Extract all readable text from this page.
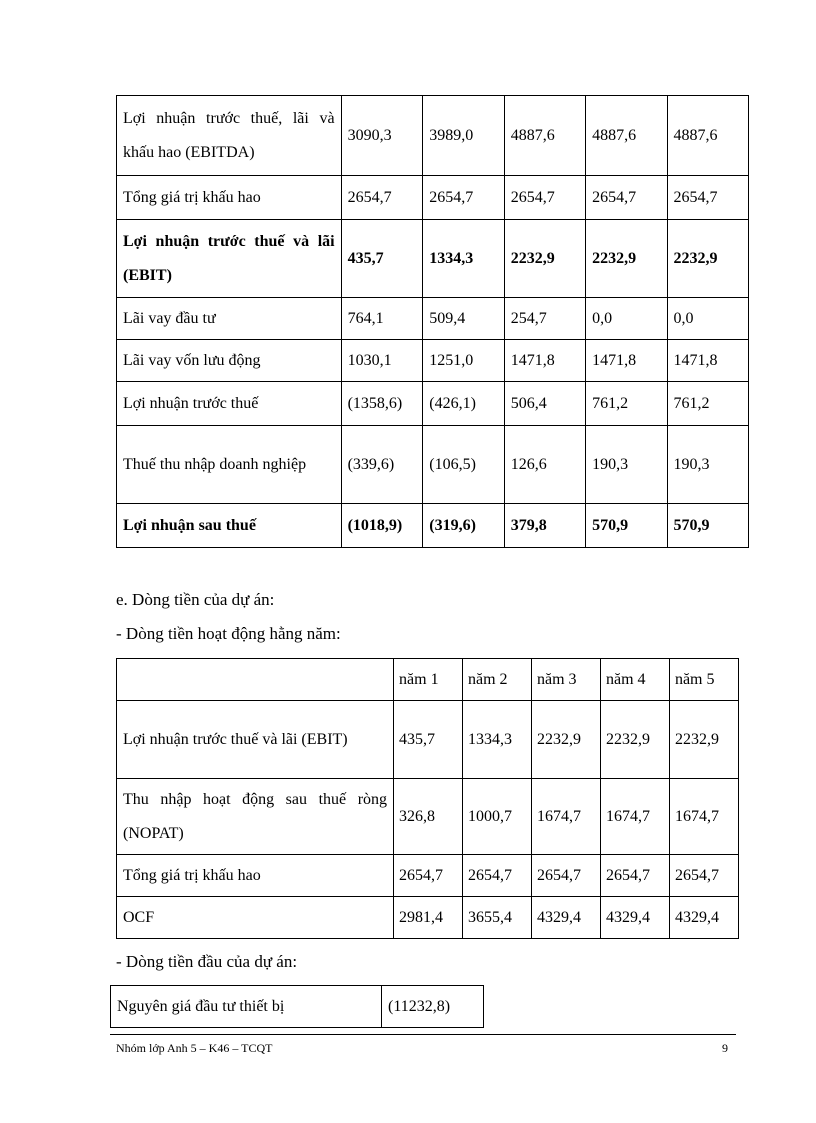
Lợi nhuận trước thuế, lãi và khấu hao (EBITDA)	3090,3	3989,0	4887,6	4887,6	4887,6
Tổng giá trị khấu hao	2654,7	2654,7	2654,7	2654,7	2654,7
Lợi nhuận trước thuế và lãi (EBIT)	435,7	1334,3	2232,9	2232,9	2232,9
Lãi vay đầu tư	764,1	509,4	254,7	0,0	0,0
Lãi vay vốn lưu động	1030,1	1251,0	1471,8	1471,8	1471,8
Lợi nhuận trước thuế	(1358,6)	(426,1)	506,4	761,2	761,2
Thuế thu nhập doanh nghiệp	(339,6)	(106,5)	126,6	190,3	190,3
Lợi nhuận sau thuế	(1018,9)	(319,6)	379,8	570,9	570,9

e. Dòng tiền của dự án:

- Dòng tiền hoạt động hằng năm:

	năm 1	năm 2	năm 3	năm 4	năm 5
Lợi nhuận trước thuế và lãi (EBIT)	435,7	1334,3	2232,9	2232,9	2232,9
Thu nhập hoạt động sau thuế ròng (NOPAT)	326,8	1000,7	1674,7	1674,7	1674,7
Tổng giá trị khấu hao	2654,7	2654,7	2654,7	2654,7	2654,7
OCF	2981,4	3655,4	4329,4	4329,4	4329,4

- Dòng tiền đầu của dự án:

Nguyên giá đầu tư thiết bị	(11232,8)
Nhóm lớp Anh 5 – K46 – TCQT	9
